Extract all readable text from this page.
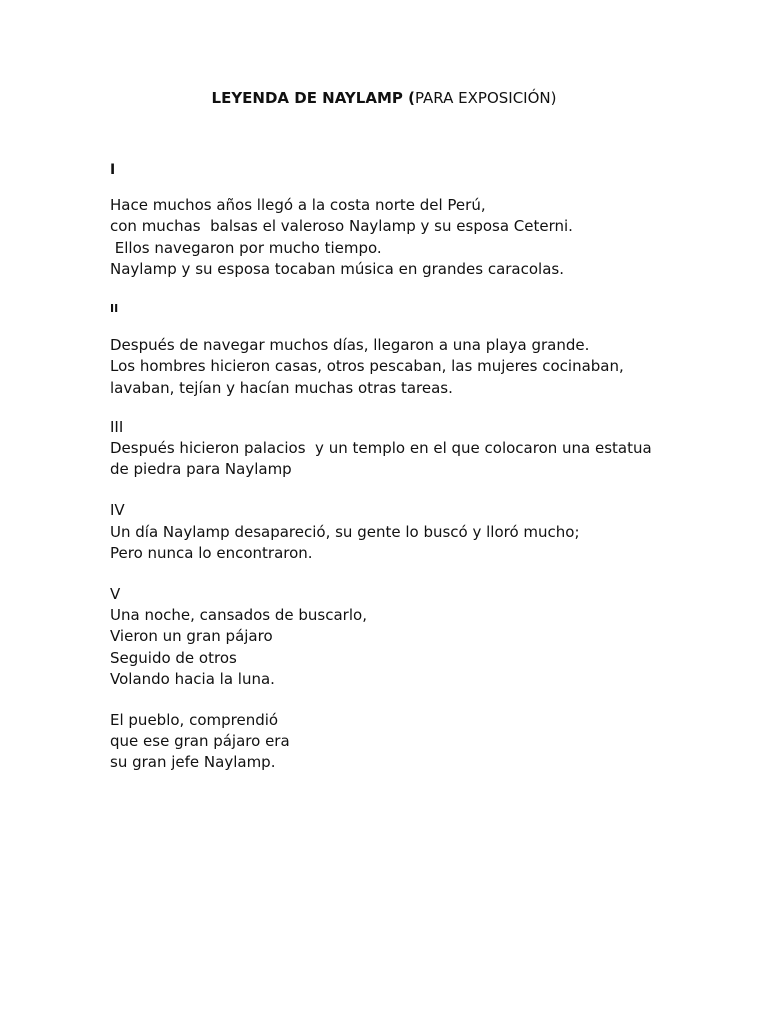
LEYENDA DE NAYLAMP (PARA EXPOSICIÓN)
I
Hace muchos años llegó a la costa norte del Perú,
con muchas  balsas el valeroso Naylamp y su esposa Ceterni.
Ellos navegaron por mucho tiempo.
Naylamp y su esposa tocaban música en grandes caracolas.
II
Después de navegar muchos días, llegaron a una playa grande.
Los hombres hicieron casas, otros pescaban, las mujeres cocinaban,
lavaban, tejían y hacían muchas otras tareas.
III
Después hicieron palacios  y un templo en el que colocaron una estatua
de piedra para Naylamp
IV
Un día Naylamp desapareció, su gente lo buscó y lloró mucho;
Pero nunca lo encontraron.
V
Una noche, cansados de buscarlo,
Vieron un gran pájaro
Seguido de otros
Volando hacia la luna.
El pueblo, comprendió
que ese gran pájaro era
su gran jefe Naylamp.
